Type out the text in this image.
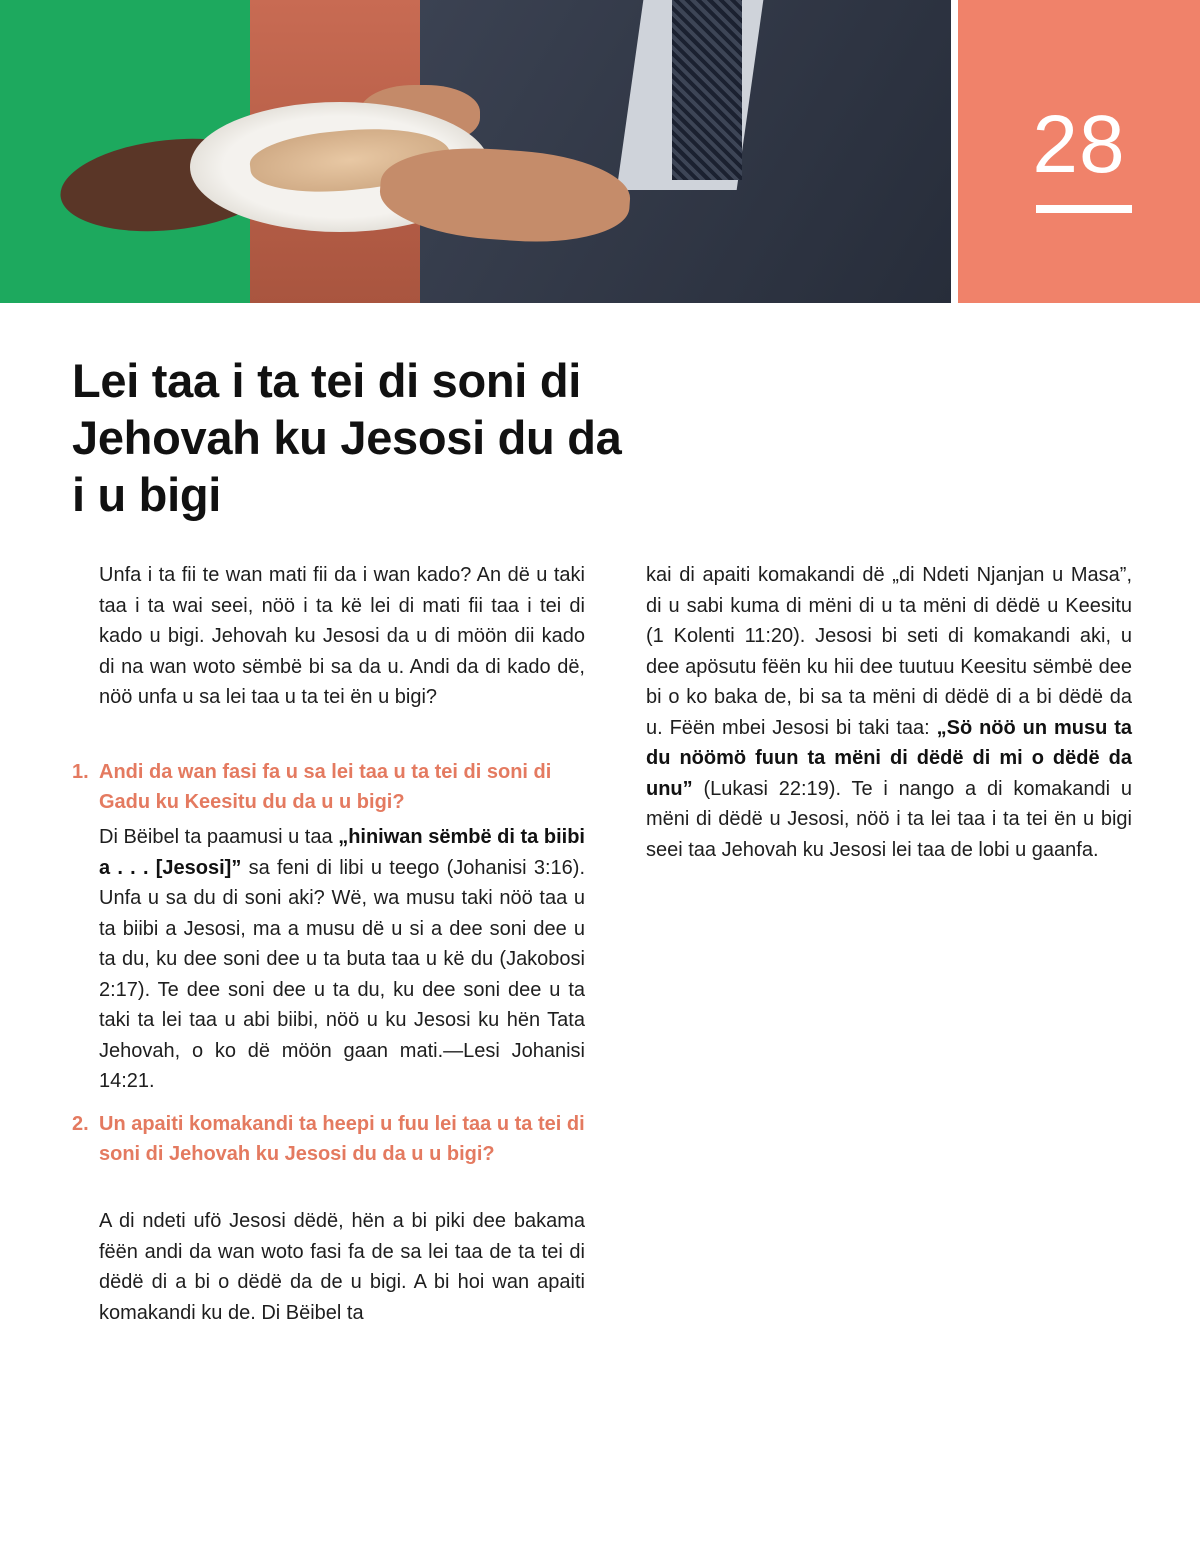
28
Lei taa i ta tei di soni di Jehovah ku Jesosi du da i u bigi

Unfa i ta fii te wan mati fii da i wan kado? An dë u taki taa i ta wai seei, nöö i ta kë lei di mati fii taa i tei di kado u bigi. Jehovah ku Jesosi da u di möön dii kado di na wan woto sëmbë bi sa da u. Andi da di kado dë, nöö unfa u sa lei taa u ta tei ën u bigi?

1. Andi da wan fasi fa u sa lei taa u ta tei di soni di Gadu ku Keesitu du da u u bigi?

Di Bëibel ta paamusi u taa „hiniwan sëmbë di ta biibi a . . . [Jesosi]” sa feni di libi u teego (Johanisi 3:16). Unfa u sa du di soni aki? Wë, wa musu taki nöö taa u ta biibi a Jesosi, ma a musu dë u si a dee soni dee u ta du, ku dee soni dee u ta buta taa u kë du (Jakobosi 2:17). Te dee soni dee u ta du, ku dee soni dee u ta taki ta lei taa u abi biibi, nöö u ku Jesosi ku hën Tata Jehovah, o ko dë möön gaan mati.—Lesi Johanisi 14:21.

2. Un apaiti komakandi ta heepi u fuu lei taa u ta tei di soni di Jehovah ku Jesosi du da u u bigi?

A di ndeti ufö Jesosi dëdë, hën a bi piki dee bakama fëën andi da wan woto fasi fa de sa lei taa de ta tei di dëdë di a bi o dëdë da de u bigi. A bi hoi wan apaiti komakandi ku de. Di Bëibel ta

kai di apaiti komakandi dë „di Ndeti Njanjan u Masa”, di u sabi kuma di mëni di u ta mëni di dëdë u Keesitu (1 Kolenti 11:20). Jesosi bi seti di komakandi aki, u dee apösutu fëën ku hii dee tuutuu Keesitu sëmbë dee bi o ko baka de, bi sa ta mëni di dëdë di a bi dëdë da u. Fëën mbei Jesosi bi taki taa: „Sö nöö un musu ta du nöömö fuun ta mëni di dëdë di mi o dëdë da unu” (Lukasi 22:19). Te i nango a di komakandi u mëni di dëdë u Jesosi, nöö i ta lei taa i ta tei ën u bigi seei taa Jehovah ku Jesosi lei taa de lobi u gaanfa.
